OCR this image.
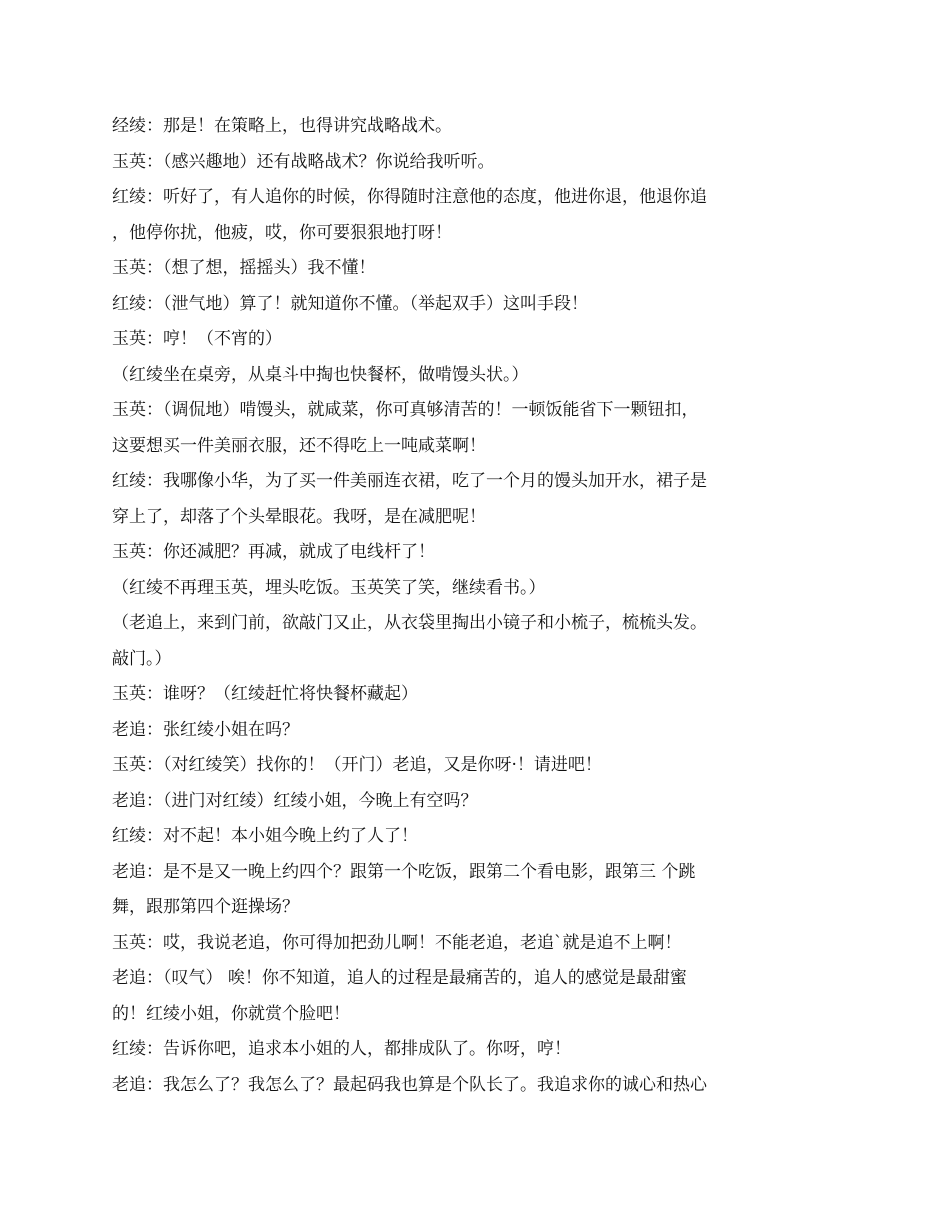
经绫：那是！在策略上，也得讲究战略战术。
玉英：（感兴趣地）还有战略战术？你说给我听听。
红绫：听好了，有人追你的时候，你得随时注意他的态度，他进你退，他退你追
，他停你扰，他疲，哎，你可要狠狠地打呀！
玉英：（想了想，摇摇头）我不懂！
红绫：（泄气地）算了！就知道你不懂。（举起双手）这叫手段！
玉英：哼！（不宵的）
（红绫坐在桌旁，从桌斗中掏也快餐杯，做啃馒头状。）
玉英：（调侃地）啃馒头，就咸菜，你可真够清苦的！一顿饭能省下一颗钮扣，
这要想买一件美丽衣服，还不得吃上一吨咸菜啊！
红绫：我哪像小华，为了买一件美丽连衣裙，吃了一个月的馒头加开水，裙子是
穿上了，却落了个头晕眼花。我呀，是在减肥呢！
玉英：你还减肥？再减，就成了电线杆了！
（红绫不再理玉英，埋头吃饭。玉英笑了笑，继续看书。）
（老追上，来到门前，欲敲门又止，从衣袋里掏出小镜子和小梳子，梳梳头发。
敲门。）
玉英：谁呀？（红绫赶忙将快餐杯藏起）
老追：张红绫小姐在吗？
玉英：（对红绫笑）找你的！（开门）老追，又是你呀·！请进吧！
老追：（进门对红绫）红绫小姐，今晚上有空吗？
红绫：对不起！本小姐今晚上约了人了！
老追：是不是又一晚上约四个？跟第一个吃饭，跟第二个看电影，跟第三 个跳
舞，跟那第四个逛操场？
玉英：哎，我说老追，你可得加把劲儿啊！不能老追，老追`就是追不上啊！
老追：（叹气） 唉！你不知道，追人的过程是最痛苦的，追人的感觉是最甜蜜
的！红绫小姐，你就赏个脸吧！
红绫：告诉你吧，追求本小姐的人，都排成队了。你呀，哼！
老追：我怎么了？我怎么了？最起码我也算是个队长了。我追求你的诚心和热心
